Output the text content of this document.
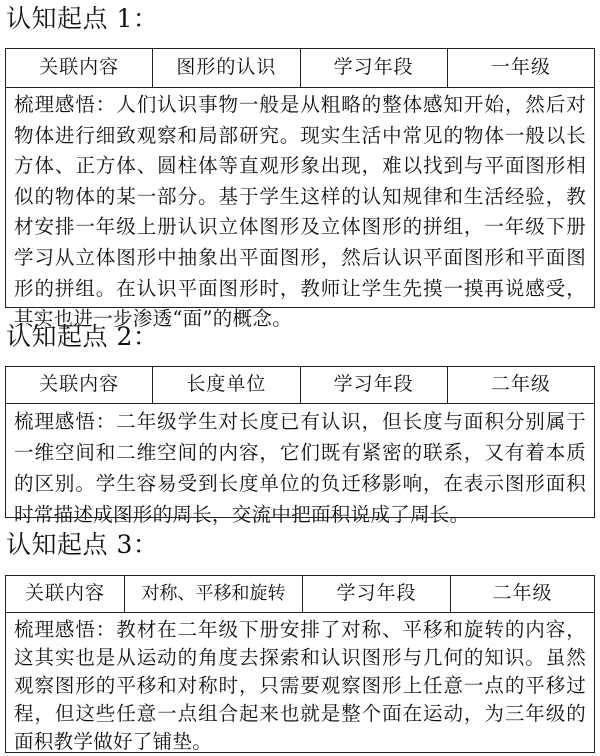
认知起点 1：
关联内容	图形的认识	学习年段	一年级
梳理感悟：人们认识事物一般是从粗略的整体感知开始，然后对物体进行细致观察和局部研究。现实生活中常见的物体一般以长方体、正方体、圆柱体等直观形象出现，难以找到与平面图形相似的物体的某一部分。基于学生这样的认知规律和生活经验，教材安排一年级上册认识立体图形及立体图形的拼组，一年级下册学习从立体图形中抽象出平面图形，然后认识平面图形和平面图形的拼组。在认识平面图形时，教师让学生先摸一摸再说感受，其实也进一步渗透“面”的概念。
认知起点 2：
关联内容	长度单位	学习年段	二年级
梳理感悟：二年级学生对长度已有认识，但长度与面积分别属于一维空间和二维空间的内容，它们既有紧密的联系，又有着本质的区别。学生容易受到长度单位的负迁移影响，在表示图形面积时常描述成图形的周长，交流中把面积说成了周长。
认知起点 3：
关联内容	对称、平移和旋转	学习年段	二年级
梳理感悟：教材在二年级下册安排了对称、平移和旋转的内容，这其实也是从运动的角度去探索和认识图形与几何的知识。虽然观察图形的平移和对称时，只需要观察图形上任意一点的平移过程，但这些任意一点组合起来也就是整个面在运动，为三年级的面积教学做好了铺垫。
